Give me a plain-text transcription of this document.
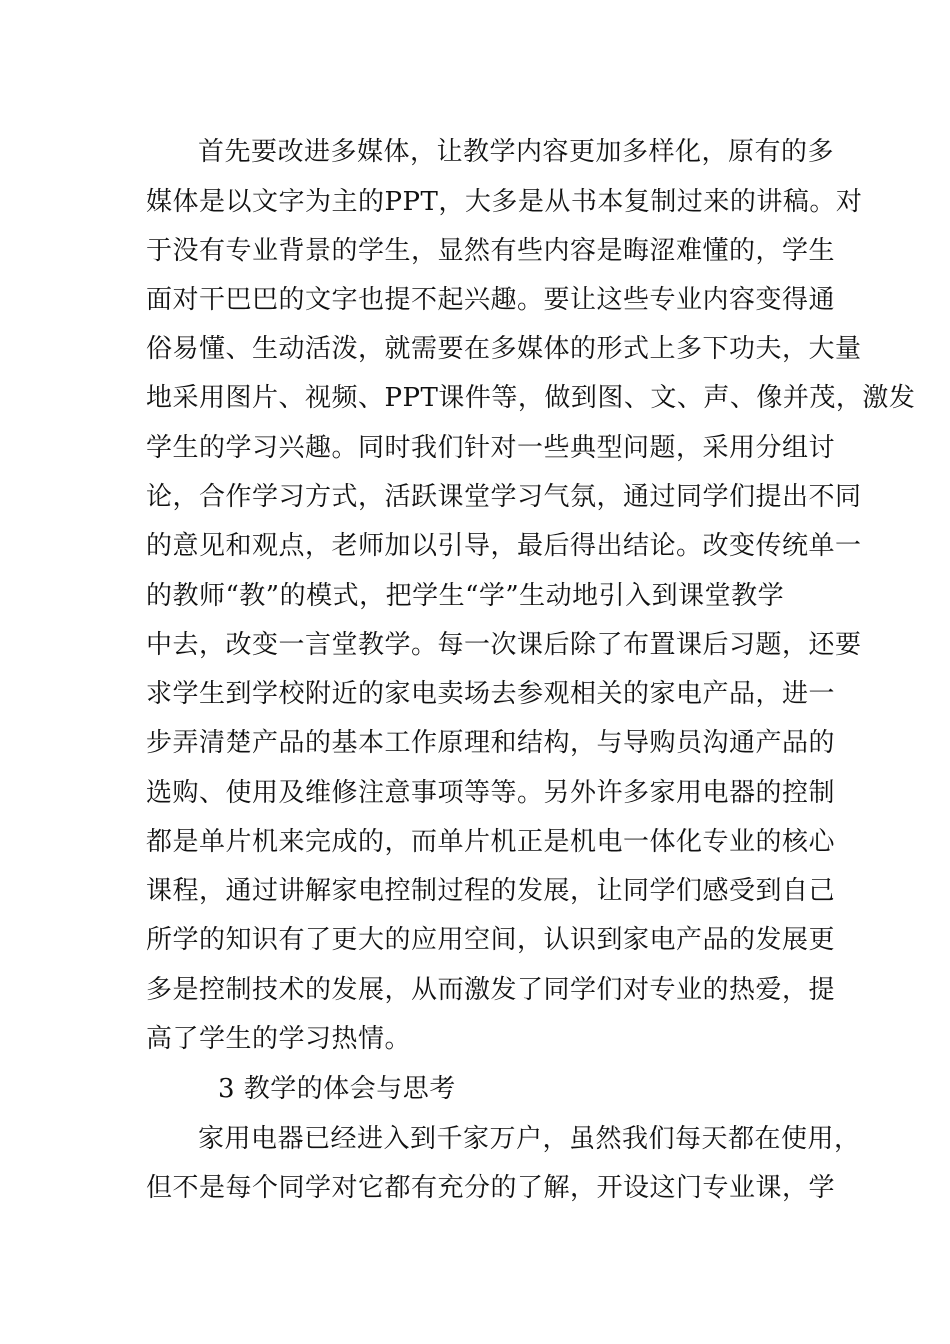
首先要改进多媒体，让教学内容更加多样化，原有的多
媒体是以文字为主的PPT，大多是从书本复制过来的讲稿。对
于没有专业背景的学生，显然有些内容是晦涩难懂的，学生
面对干巴巴的文字也提不起兴趣。要让这些专业内容变得通
俗易懂、生动活泼，就需要在多媒体的形式上多下功夫，大量
地采用图片、视频、PPT课件等，做到图、文、声、像并茂，激发
学生的学习兴趣。同时我们针对一些典型问题，采用分组讨
论，合作学习方式，活跃课堂学习气氛，通过同学们提出不同
的意见和观点，老师加以引导，最后得出结论。改变传统单一
的教师“教”的模式，把学生“学”生动地引入到课堂教学
中去，改变一言堂教学。每一次课后除了布置课后习题，还要
求学生到学校附近的家电卖场去参观相关的家电产品，进一
步弄清楚产品的基本工作原理和结构，与导购员沟通产品的
选购、使用及维修注意事项等等。另外许多家用电器的控制
都是单片机来完成的，而单片机正是机电一体化专业的核心
课程，通过讲解家电控制过程的发展，让同学们感受到自己
所学的知识有了更大的应用空间，认识到家电产品的发展更
多是控制技术的发展，从而激发了同学们对专业的热爱，提
高了学生的学习热情。
3 教学的体会与思考
家用电器已经进入到千家万户，虽然我们每天都在使用，
但不是每个同学对它都有充分的了解，开设这门专业课，学
